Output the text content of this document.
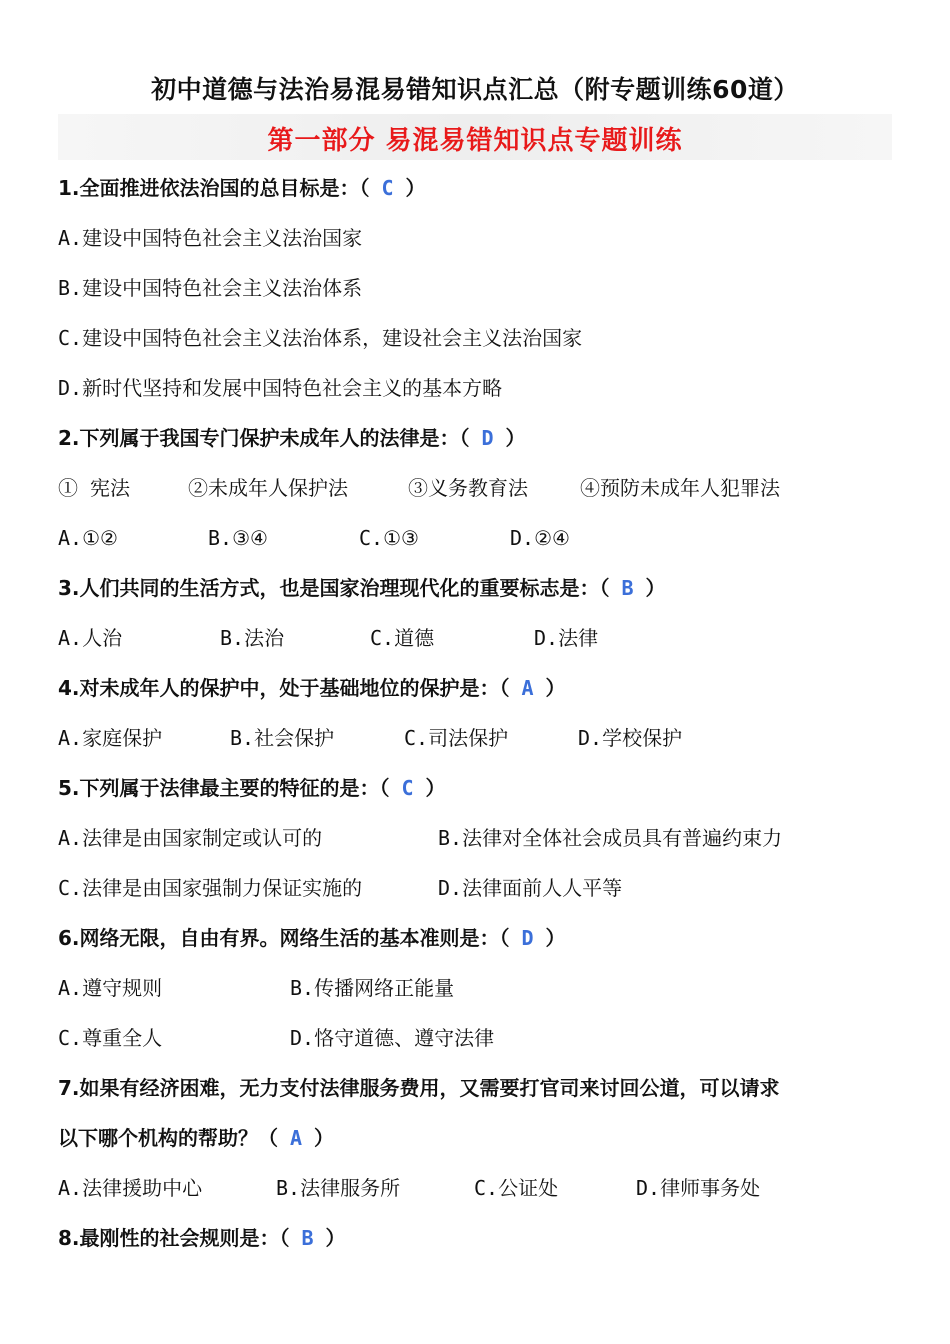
初中道德与法治易混易错知识点汇总（附专题训练60道）
第一部分 易混易错知识点专题训练
1.全面推进依法治国的总目标是：（ C ）
A.建设中国特色社会主义法治国家
B.建设中国特色社会主义法治体系
C.建设中国特色社会主义法治体系，建设社会主义法治国家
D.新时代坚持和发展中国特色社会主义的基本方略
2.下列属于我国专门保护未成年人的法律是：（ D ）
① 宪法	②未成年人保护法	③义务教育法	④预防未成年人犯罪法
A.①②	B.③④	C.①③	D.②④
3.人们共同的生活方式，也是国家治理现代化的重要标志是：（ B ）
A.人治	B.法治	C.道德	D.法律
4.对未成年人的保护中，处于基础地位的保护是：（ A ）
A.家庭保护	B.社会保护	C.司法保护	D.学校保护
5.下列属于法律最主要的特征的是：（ C ）
A.法律是由国家制定或认可的	B.法律对全体社会成员具有普遍约束力
C.法律是由国家强制力保证实施的	D.法律面前人人平等
6.网络无限，自由有界。网络生活的基本准则是：（ D ）
A.遵守规则	B.传播网络正能量
C.尊重全人	D.恪守道德、遵守法律
7.如果有经济困难，无力支付法律服务费用，又需要打官司来讨回公道，可以请求
以下哪个机构的帮助？（ A ）
A.法律援助中心	B.法律服务所	C.公证处	D.律师事务处
8.最刚性的社会规则是：（ B ）
